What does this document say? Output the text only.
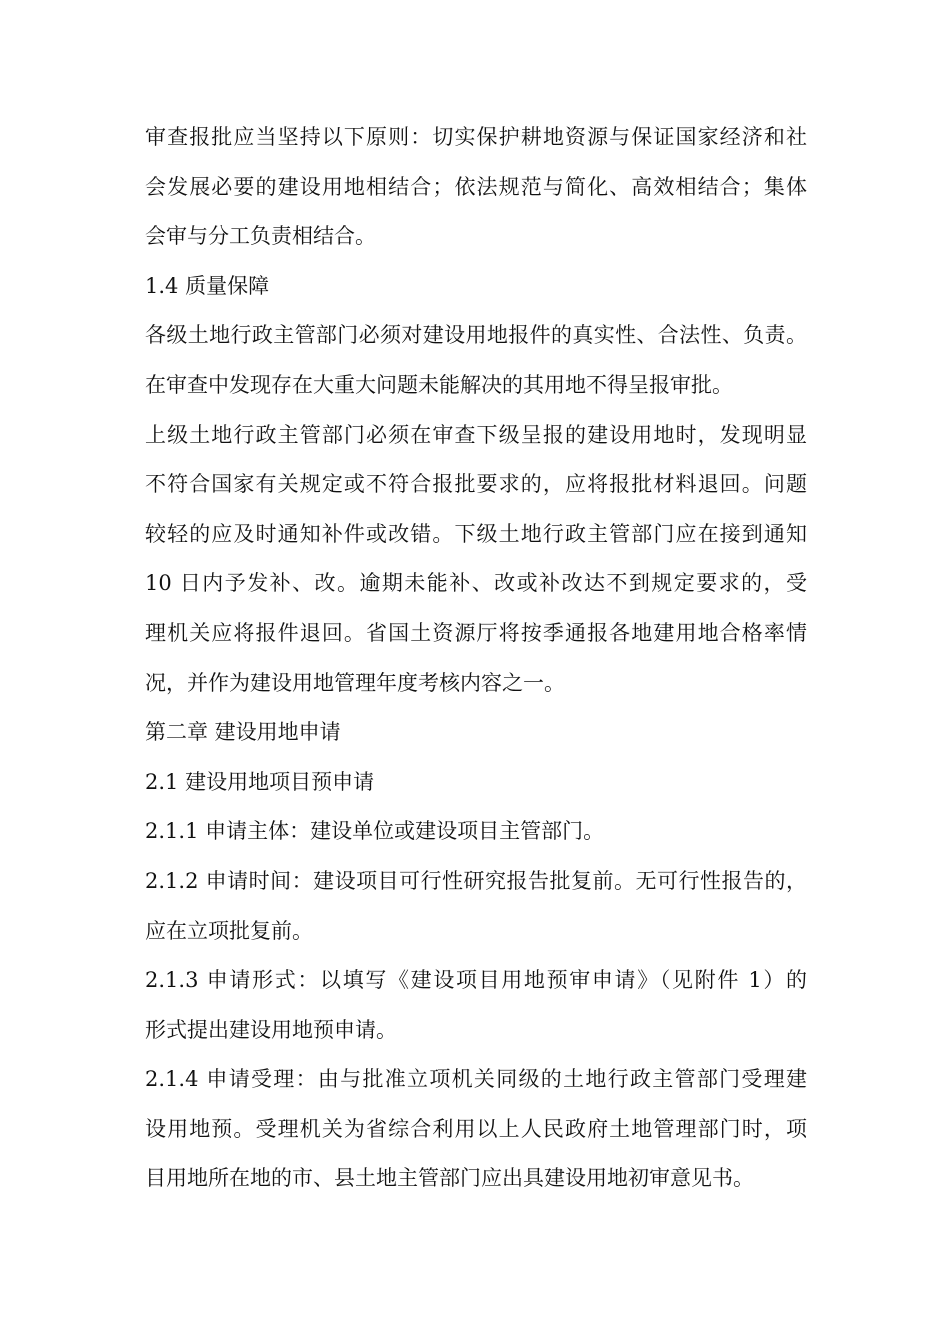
审查报批应当坚持以下原则：切实保护耕地资源与保证国家经济和社
会发展必要的建设用地相结合；依法规范与简化、高效相结合；集体
会审与分工负责相结合。
1.4 质量保障
各级土地行政主管部门必须对建设用地报件的真实性、合法性、负责。
在审查中发现存在大重大问题未能解决的其用地不得呈报审批。
上级土地行政主管部门必须在审查下级呈报的建设用地时，发现明显
不符合国家有关规定或不符合报批要求的，应将报批材料退回。问题
较轻的应及时通知补件或改错。下级土地行政主管部门应在接到通知
10 日内予发补、改。逾期未能补、改或补改达不到规定要求的，受
理机关应将报件退回。省国土资源厅将按季通报各地建用地合格率情
况，并作为建设用地管理年度考核内容之一。
第二章 建设用地申请
2.1 建设用地项目预申请
2.1.1 申请主体：建设单位或建设项目主管部门。
2.1.2 申请时间：建设项目可行性研究报告批复前。无可行性报告的，
应在立项批复前。
2.1.3 申请形式：以填写《建设项目用地预审申请》（见附件 1）的
形式提出建设用地预申请。
2.1.4 申请受理：由与批准立项机关同级的土地行政主管部门受理建
设用地预。受理机关为省综合利用以上人民政府土地管理部门时，项
目用地所在地的市、县土地主管部门应出具建设用地初审意见书。
